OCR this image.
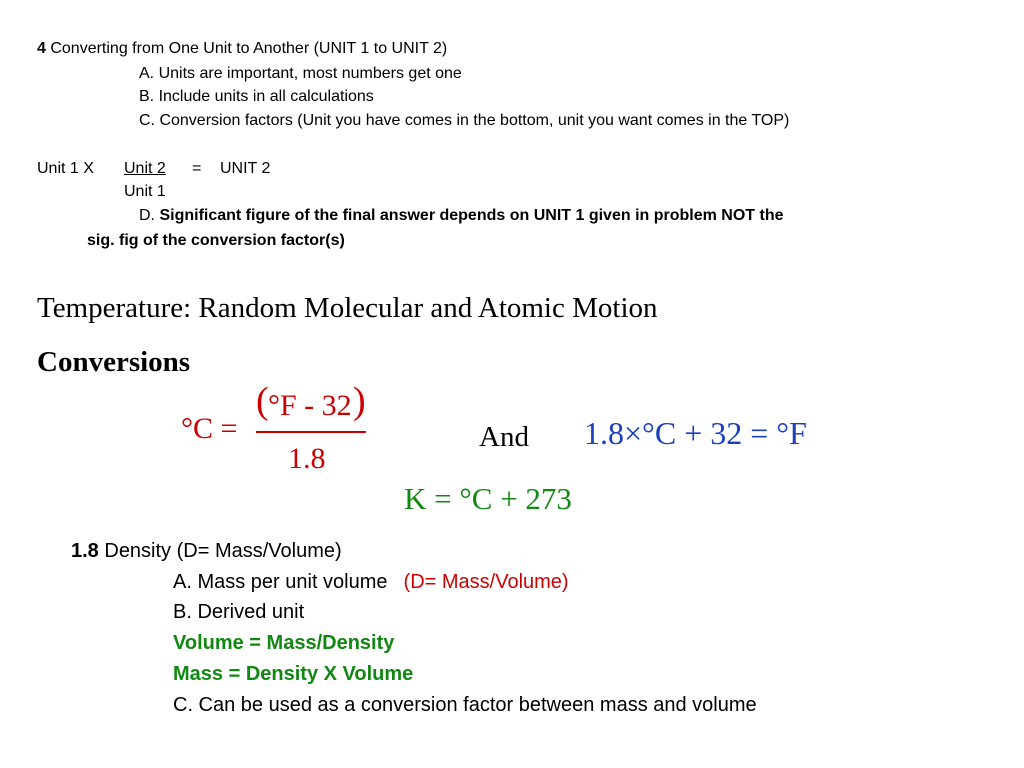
4 Converting from One Unit to Another (UNIT 1 to UNIT 2)
A. Units are important, most numbers get one
B. Include units in all calculations
C. Conversion factors (Unit you have comes in the bottom, unit you want comes in the TOP)
Unit 1 X Unit 2 = UNIT 2
Unit 1
D. Significant figure of the final answer depends on UNIT 1 given in problem NOT the
sig. fig of the conversion factor(s)
Temperature: Random Molecular and Atomic Motion
Conversions
°C =
( °F - 32 )
1.8
And 1.8×°C + 32 = °F
K = °C + 273
1.8 Density (D= Mass/Volume)
A. Mass per unit volume (D= Mass/Volume)
B. Derived unit
Volume = Mass/Density
Mass = Density X Volume
C. Can be used as a conversion factor between mass and volume
